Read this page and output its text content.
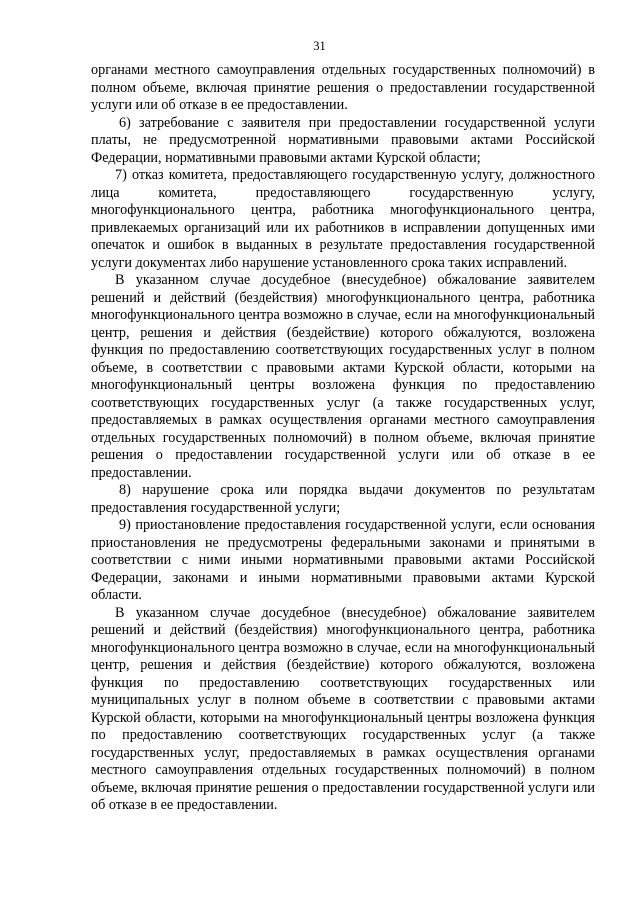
31

органами местного самоуправления отдельных государственных полномочий) в полном объеме, включая принятие решения о предоставлении государственной услуги или об отказе в ее предоставлении.

6) затребование с заявителя при предоставлении государственной услуги платы, не предусмотренной нормативными правовыми актами Российской Федерации, нормативными правовыми актами Курской области;

7) отказ комитета, предоставляющего государственную услугу, должностного лица комитета, предоставляющего государственную услугу, многофункционального центра, работника многофункционального центра, привлекаемых организаций или их работников в исправлении допущенных ими опечаток и ошибок в выданных в результате предоставления государственной услуги документах либо нарушение установленного срока таких исправлений.

В указанном случае досудебное (внесудебное) обжалование заявителем решений и действий (бездействия) многофункционального центра, работника многофункционального центра возможно в случае, если на многофункциональный центр, решения и действия (бездействие) которого обжалуются, возложена функция по предоставлению соответствующих государственных услуг в полном объеме, в соответствии с правовыми актами Курской области, которыми на многофункциональный центры возложена функция по предоставлению соответствующих государственных услуг (а также государственных услуг, предоставляемых в рамках осуществления органами местного самоуправления отдельных государственных полномочий) в полном объеме, включая принятие решения о предоставлении государственной услуги или об отказе в ее предоставлении.

8) нарушение срока или порядка выдачи документов по результатам предоставления государственной услуги;

9) приостановление предоставления государственной услуги, если основания приостановления не предусмотрены федеральными законами и принятыми в соответствии с ними иными нормативными правовыми актами Российской Федерации, законами и иными нормативными правовыми актами Курской области.

В указанном случае досудебное (внесудебное) обжалование заявителем решений и действий (бездействия) многофункционального центра, работника многофункционального центра возможно в случае, если на многофункциональный центр, решения и действия (бездействие) которого обжалуются, возложена функция по предоставлению соответствующих государственных или муниципальных услуг в полном объеме в соответствии с правовыми актами Курской области, которыми на многофункциональный центры возложена функция по предоставлению соответствующих государственных услуг (а также государственных услуг, предоставляемых в рамках осуществления органами местного самоуправления отдельных государственных полномочий) в полном объеме, включая принятие решения о предоставлении государственной услуги или об отказе в ее предоставлении.
